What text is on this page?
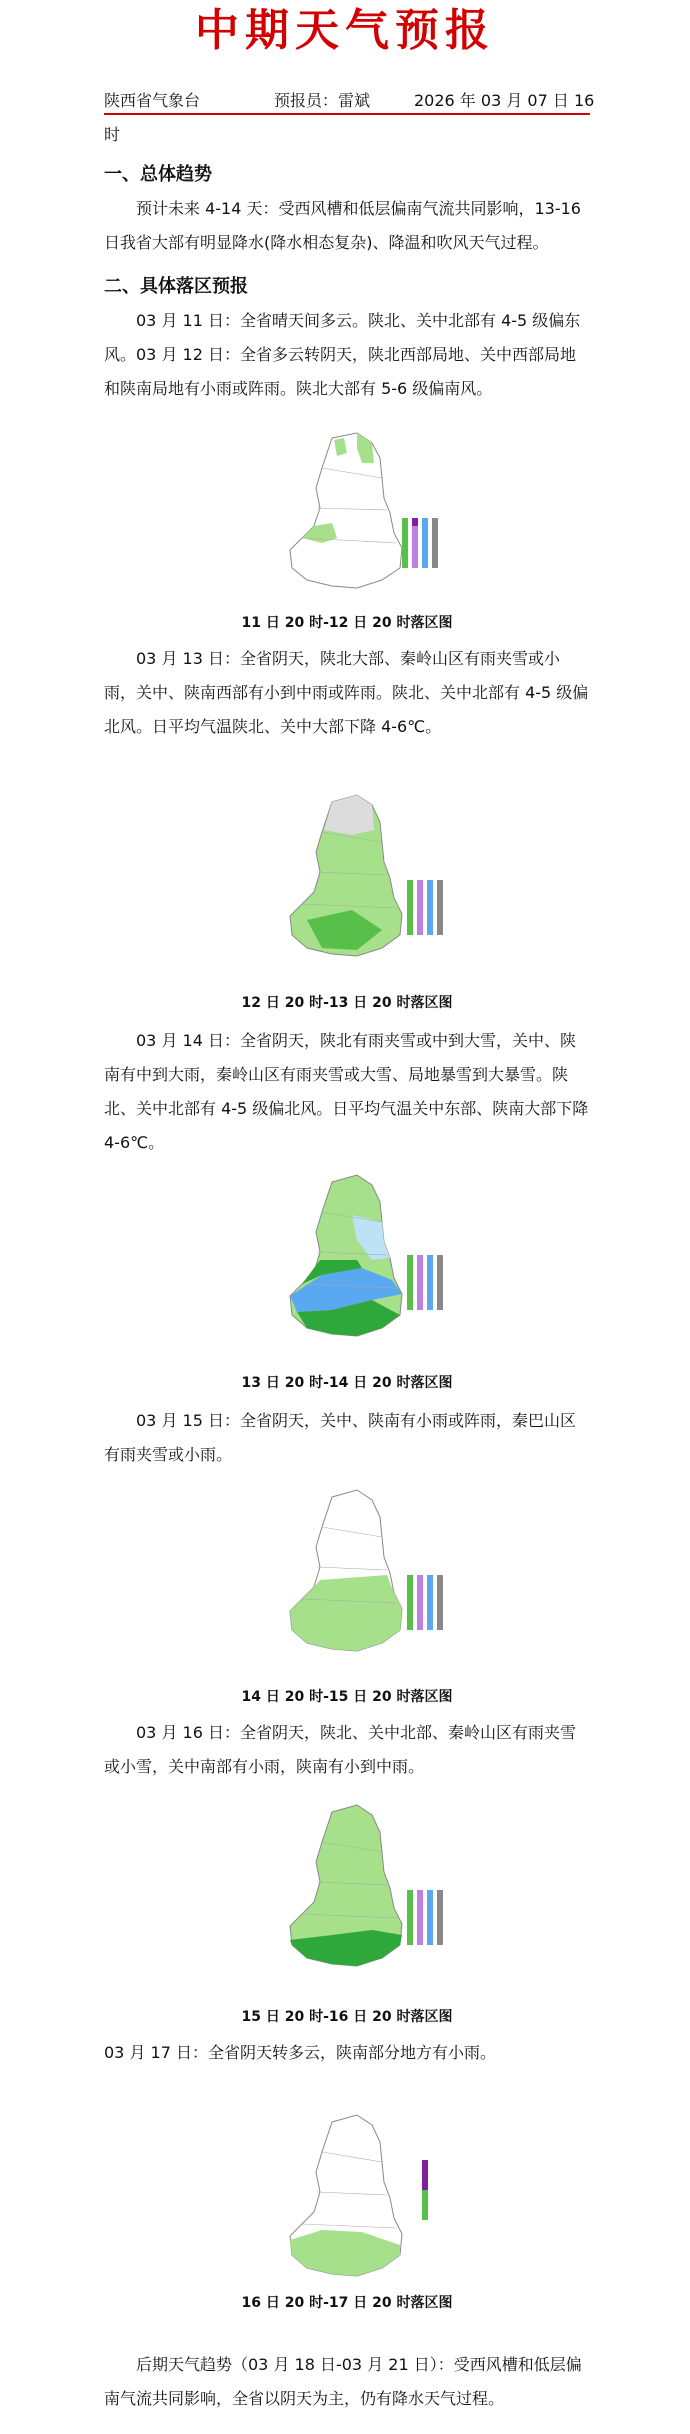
中期天气预报
陕西省气象台	预报员：雷斌	2026 年 03 月 07 日 16
时
一、总体趋势
预计未来 4-14 天：受西风槽和低层偏南气流共同影响，13-16 日我省大部有明显降水(降水相态复杂)、降温和吹风天气过程。
二、具体落区预报
03 月 11 日：全省晴天间多云。陕北、关中北部有 4-5 级偏东风。 03 月 12 日：全省多云转阴天，陕北西部局地、关中西部局地和陕南局地有小雨或阵雨。陕北大部有 5-6 级偏南风。
11 日 20 时-12 日 20 时落区图
03 月 13 日：全省阴天，陕北大部、秦岭山区有雨夹雪或小雨，关中、陕南西部有小到中雨或阵雨。陕北、关中北部有 4-5 级偏北风。日平均气温陕北、关中大部下降 4-6℃。
12 日 20 时-13 日 20 时落区图
03 月 14 日：全省阴天，陕北有雨夹雪或中到大雪，关中、陕南有中到大雨，秦岭山区有雨夹雪或大雪、局地暴雪到大暴雪。陕北、关中北部有 4-5 级偏北风。日平均气温关中东部、陕南大部下降 4-6℃。
13 日 20 时-14 日 20 时落区图
03 月 15 日：全省阴天，关中、陕南有小雨或阵雨，秦巴山区有雨夹雪或小雨。
14 日 20 时-15 日 20 时落区图
03 月 16 日：全省阴天，陕北、关中北部、秦岭山区有雨夹雪或小雪，关中南部有小雨，陕南有小到中雨。
15 日 20 时-16 日 20 时落区图
03 月 17 日：全省阴天转多云，陕南部分地方有小雨。
16 日 20 时-17 日 20 时落区图
后期天气趋势（03 月 18 日-03 月 21 日）：受西风槽和低层偏南气流共同影响，全省以阴天为主，仍有降水天气过程。
